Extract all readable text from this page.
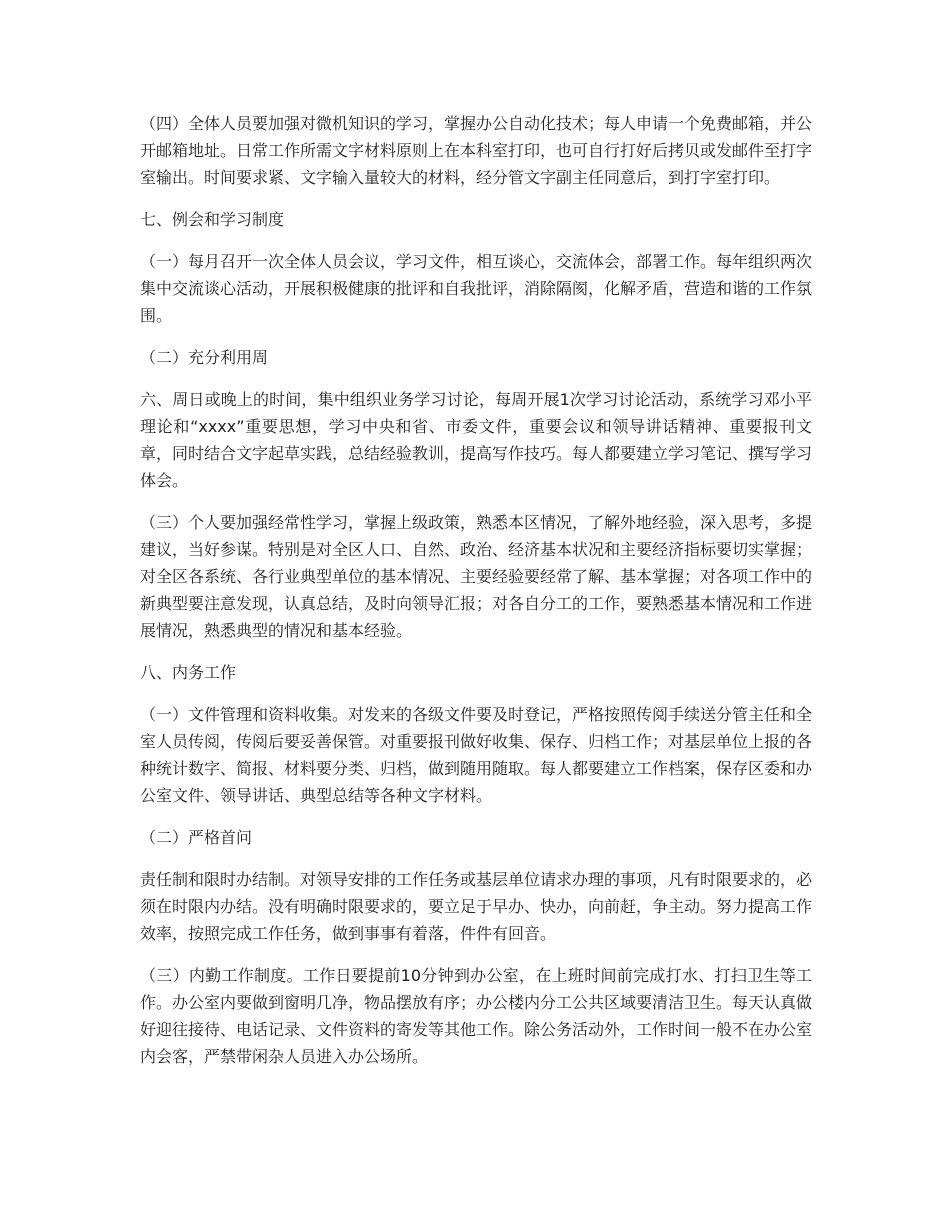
（四）全体人员要加强对微机知识的学习，掌握办公自动化技术；每人申请一个免费邮箱，并公开邮箱地址。日常工作所需文字材料原则上在本科室打印，也可自行打好后拷贝或发邮件至打字室输出。时间要求紧、文字输入量较大的材料，经分管文字副主任同意后，到打字室打印。

七、例会和学习制度

（一）每月召开一次全体人员会议，学习文件，相互谈心，交流体会，部署工作。每年组织两次集中交流谈心活动，开展积极健康的批评和自我批评，消除隔阂，化解矛盾，营造和谐的工作氛围。

（二）充分利用周

六、周日或晚上的时间，集中组织业务学习讨论，每周开展1次学习讨论活动，系统学习邓小平理论和“xxxx”重要思想，学习中央和省、市委文件，重要会议和领导讲话精神、重要报刊文章，同时结合文字起草实践，总结经验教训，提高写作技巧。每人都要建立学习笔记、撰写学习体会。

（三）个人要加强经常性学习，掌握上级政策，熟悉本区情况，了解外地经验，深入思考，多提建议，当好参谋。特别是对全区人口、自然、政治、经济基本状况和主要经济指标要切实掌握；对全区各系统、各行业典型单位的基本情况、主要经验要经常了解、基本掌握；对各项工作中的新典型要注意发现，认真总结，及时向领导汇报；对各自分工的工作，要熟悉基本情况和工作进展情况，熟悉典型的情况和基本经验。

八、内务工作

（一）文件管理和资料收集。对发来的各级文件要及时登记，严格按照传阅手续送分管主任和全室人员传阅，传阅后要妥善保管。对重要报刊做好收集、保存、归档工作；对基层单位上报的各种统计数字、简报、材料要分类、归档，做到随用随取。每人都要建立工作档案，保存区委和办公室文件、领导讲话、典型总结等各种文字材料。

（二）严格首问

责任制和限时办结制。对领导安排的工作任务或基层单位请求办理的事项，凡有时限要求的，必须在时限内办结。没有明确时限要求的，要立足于早办、快办，向前赶，争主动。努力提高工作效率，按照完成工作任务，做到事事有着落，件件有回音。

（三）内勤工作制度。工作日要提前10分钟到办公室，在上班时间前完成打水、打扫卫生等工作。办公室内要做到窗明几净，物品摆放有序；办公楼内分工公共区域要清洁卫生。每天认真做好迎往接待、电话记录、文件资料的寄发等其他工作。除公务活动外，工作时间一般不在办公室内会客，严禁带闲杂人员进入办公场所。
